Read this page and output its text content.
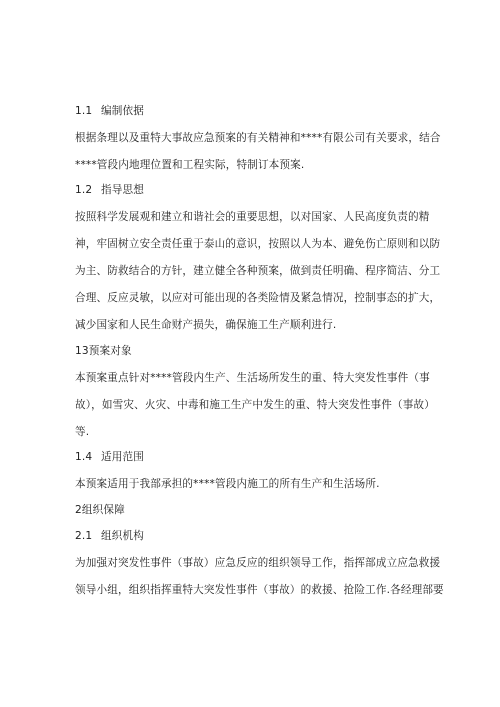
1.1 编制依据
根据条理以及重特大事故应急预案的有关精神和****有限公司有关要求，结合
****管段内地理位置和工程实际，特制订本预案.
1.2 指导思想
按照科学发展观和建立和谐社会的重要思想，以对国家、人民高度负责的精
神，牢固树立安全责任重于泰山的意识，按照以人为本、避免伤亡原则和以防
为主、防救结合的方针，建立健全各种预案，做到责任明确、程序简洁、分工
合理、反应灵敏，以应对可能出现的各类险情及紧急情况，控制事态的扩大，
减少国家和人民生命财产损失，确保施工生产顺利进行.
13预案对象
本预案重点针对****管段内生产、生活场所发生的重、特大突发性事件（事
故），如雪灾、火灾、中毒和施工生产中发生的重、特大突发性事件（事故）
等.
1.4 适用范围
本预案适用于我部承担的****管段内施工的所有生产和生活场所.
2组织保障
2.1 组织机构
为加强对突发性事件（事故）应急反应的组织领导工作，指挥部成立应急救援
领导小组，组织指挥重特大突发性事件（事故）的救援、抢险工作.各经理部要
